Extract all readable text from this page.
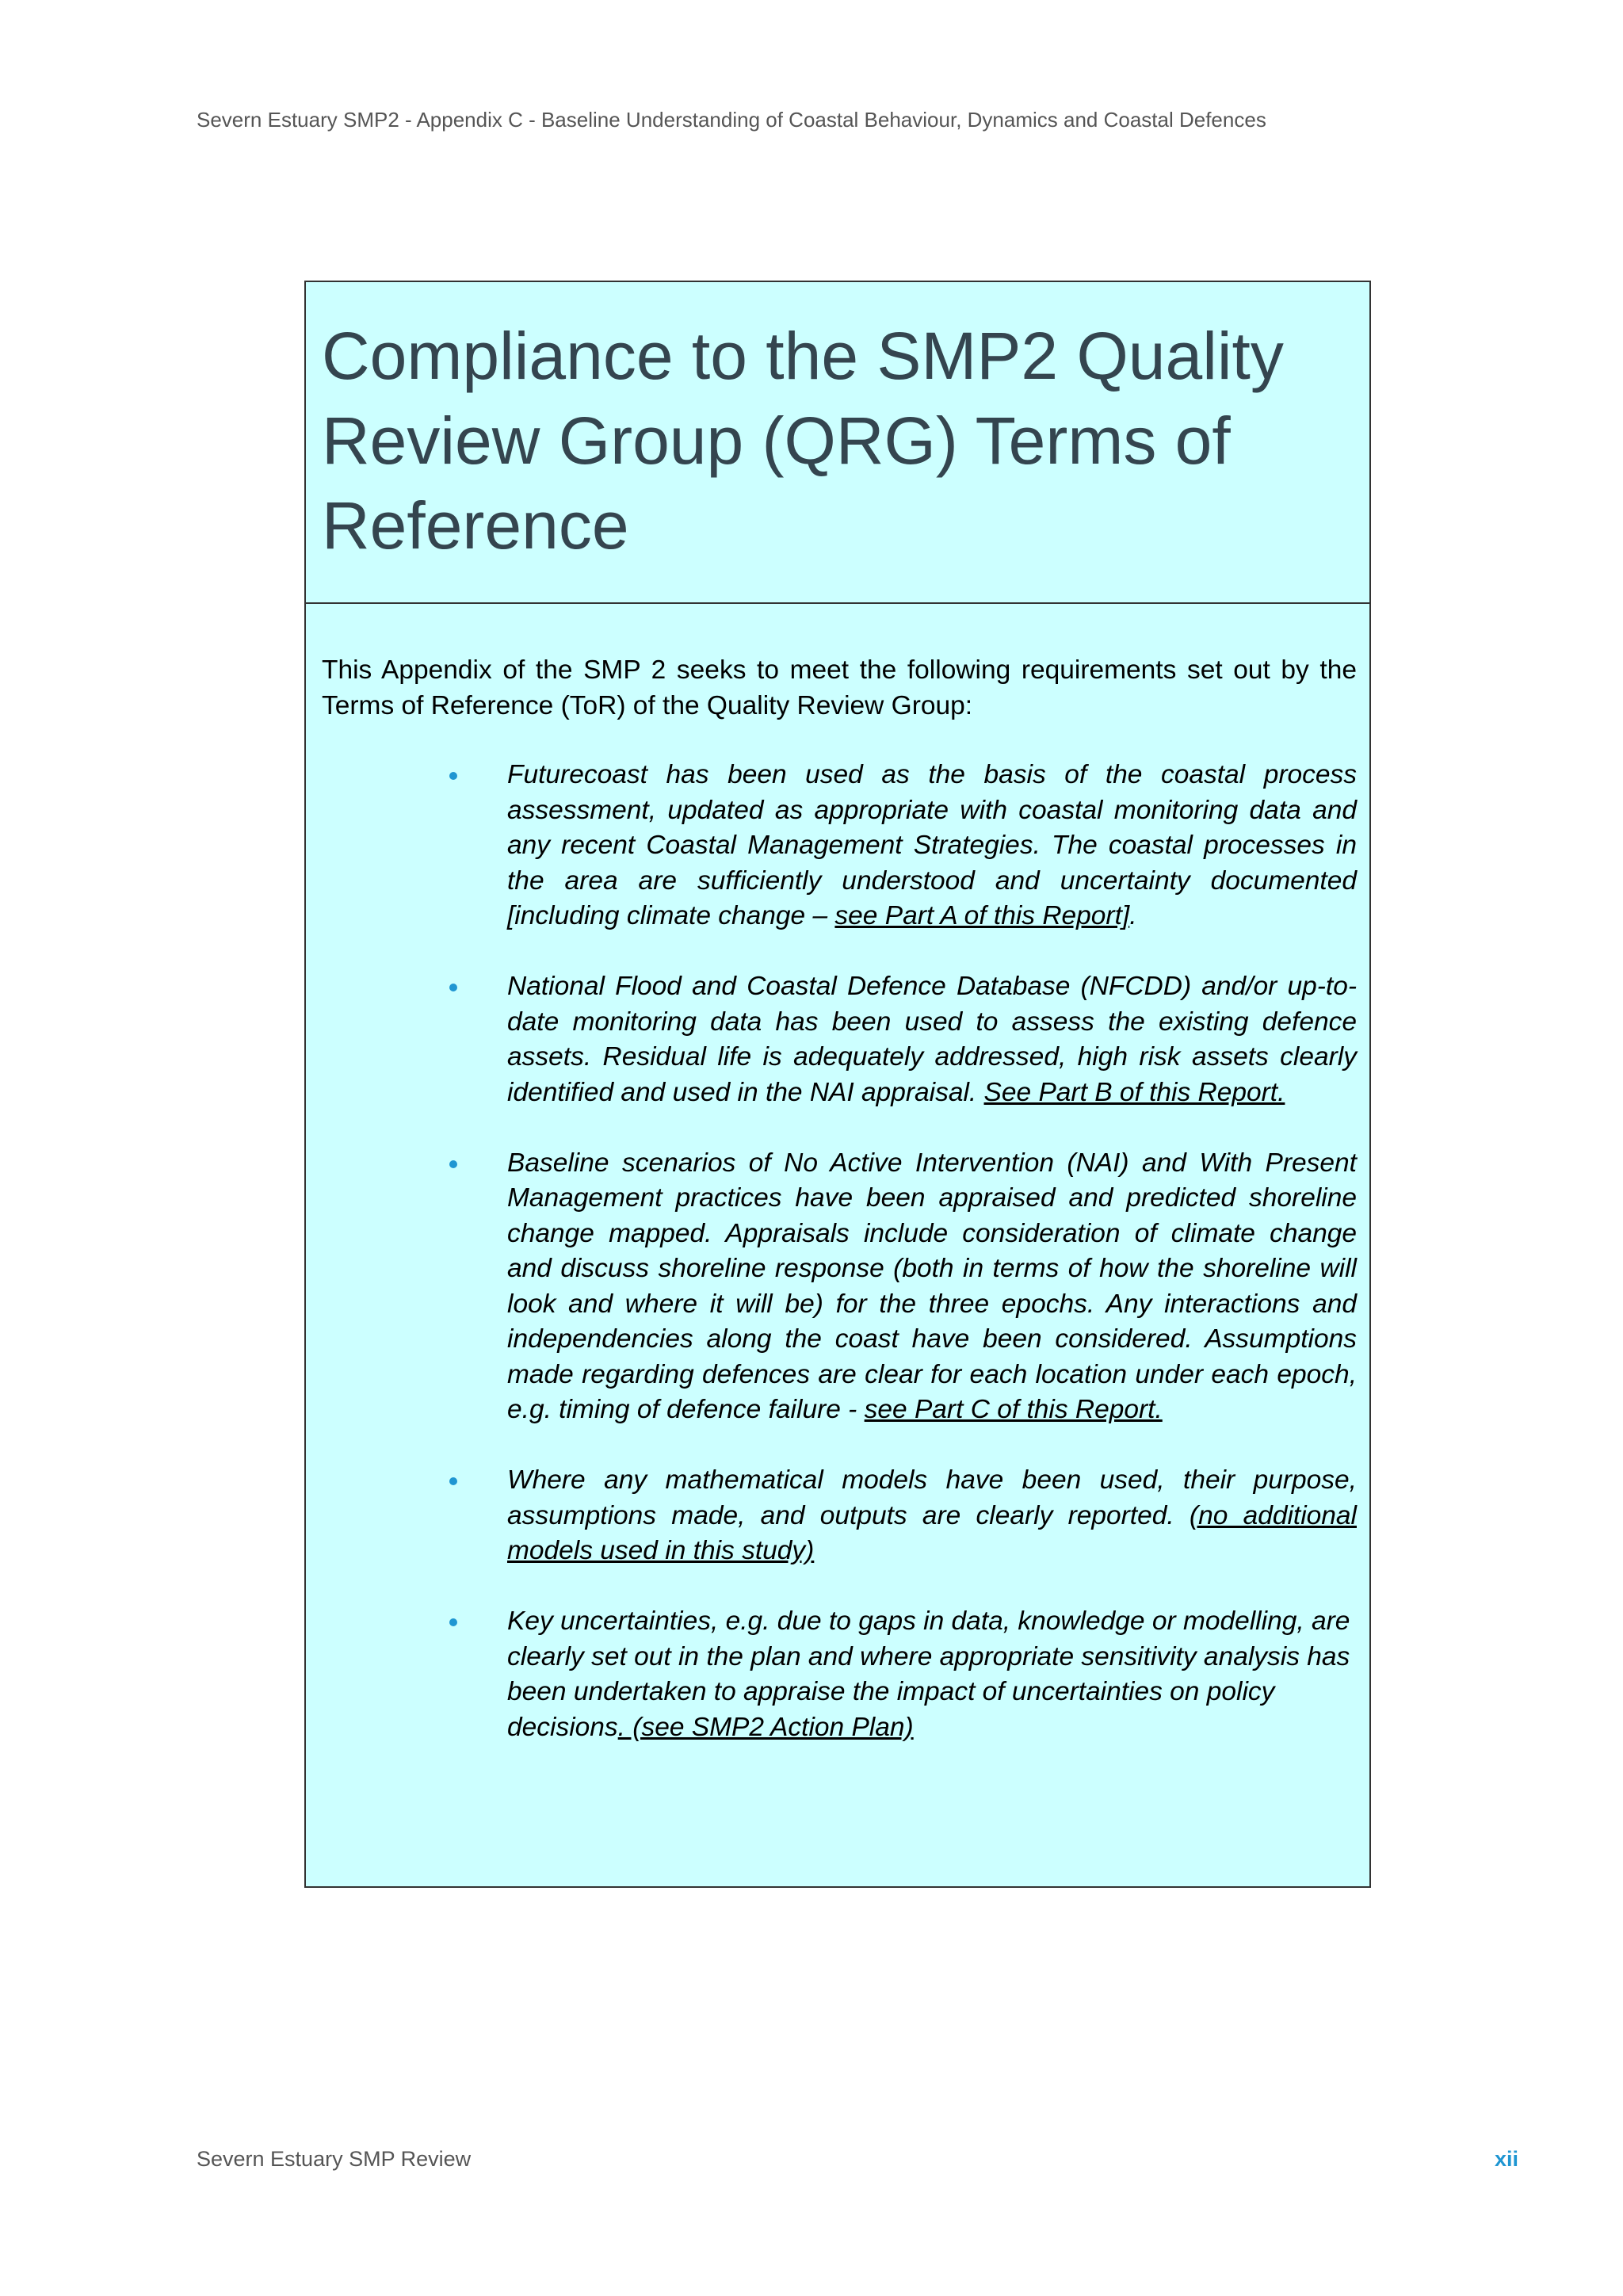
Severn Estuary SMP2 - Appendix C - Baseline Understanding of Coastal Behaviour, Dynamics and Coastal Defences
Compliance to the SMP2 Quality Review Group (QRG) Terms of Reference

This Appendix of the SMP 2 seeks to meet the following requirements set out by the Terms of Reference (ToR) of the Quality Review Group:

Futurecoast has been used as the basis of the coastal process assessment, updated as appropriate with coastal monitoring data and any recent Coastal Management Strategies. The coastal processes in the area are sufficiently understood and uncertainty documented [including climate change – see Part A of this Report].
National Flood and Coastal Defence Database (NFCDD) and/or up-to-date monitoring data has been used to assess the existing defence assets. Residual life is adequately addressed, high risk assets clearly identified and used in the NAI appraisal. See Part B of this Report.
Baseline scenarios of No Active Intervention (NAI) and With Present Management practices have been appraised and predicted shoreline change mapped. Appraisals include consideration of climate change and discuss shoreline response (both in terms of how the shoreline will look and where it will be) for the three epochs. Any interactions and independencies along the coast have been considered. Assumptions made regarding defences are clear for each location under each epoch, e.g. timing of defence failure - see Part C of this Report.
Where any mathematical models have been used, their purpose, assumptions made, and outputs are clearly reported. (no additional models used in this study)
Key uncertainties, e.g. due to gaps in data, knowledge or modelling, are clearly set out in the plan and where appropriate sensitivity analysis has been undertaken to appraise the impact of uncertainties on policy decisions. (see SMP2 Action Plan)
Severn Estuary SMP Review	xii
